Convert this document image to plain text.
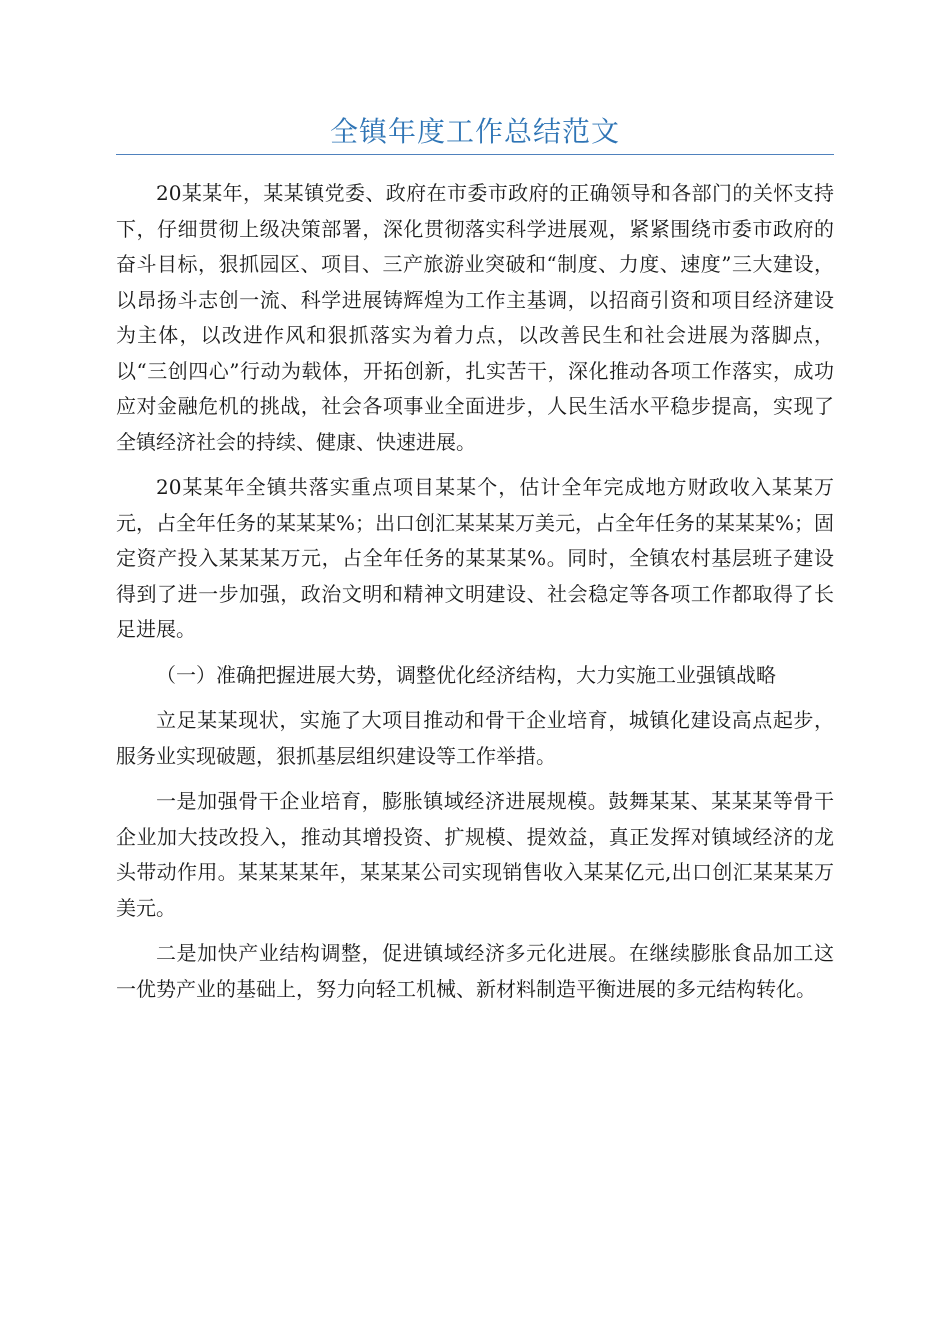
全镇年度工作总结范文

20某某年，某某镇党委、政府在市委市政府的正确领导和各部门的关怀支持下，仔细贯彻上级决策部署，深化贯彻落实科学进展观，紧紧围绕市委市政府的奋斗目标，狠抓园区、项目、三产旅游业突破和“制度、力度、速度”三大建设，以昂扬斗志创一流、科学进展铸辉煌为工作主基调，以招商引资和项目经济建设为主体，以改进作风和狠抓落实为着力点，以改善民生和社会进展为落脚点，以“三创四心”行动为载体，开拓创新，扎实苦干，深化推动各项工作落实，成功应对金融危机的挑战，社会各项事业全面进步，人民生活水平稳步提高，实现了全镇经济社会的持续、健康、快速进展。

20某某年全镇共落实重点项目某某个，估计全年完成地方财政收入某某万元，占全年任务的某某某%；出口创汇某某某万美元，占全年任务的某某某%；固定资产投入某某某万元，占全年任务的某某某%。同时，全镇农村基层班子建设得到了进一步加强，政治文明和精神文明建设、社会稳定等各项工作都取得了长足进展。

（一）准确把握进展大势，调整优化经济结构，大力实施工业强镇战略

立足某某现状，实施了大项目推动和骨干企业培育，城镇化建设高点起步，服务业实现破题，狠抓基层组织建设等工作举措。

一是加强骨干企业培育，膨胀镇域经济进展规模。鼓舞某某、某某某等骨干企业加大技改投入，推动其增投资、扩规模、提效益，真正发挥对镇域经济的龙头带动作用。某某某某年，某某某公司实现销售收入某某亿元,出口创汇某某某万美元。

二是加快产业结构调整，促进镇域经济多元化进展。在继续膨胀食品加工这一优势产业的基础上，努力向轻工机械、新材料制造平衡进展的多元结构转化。
